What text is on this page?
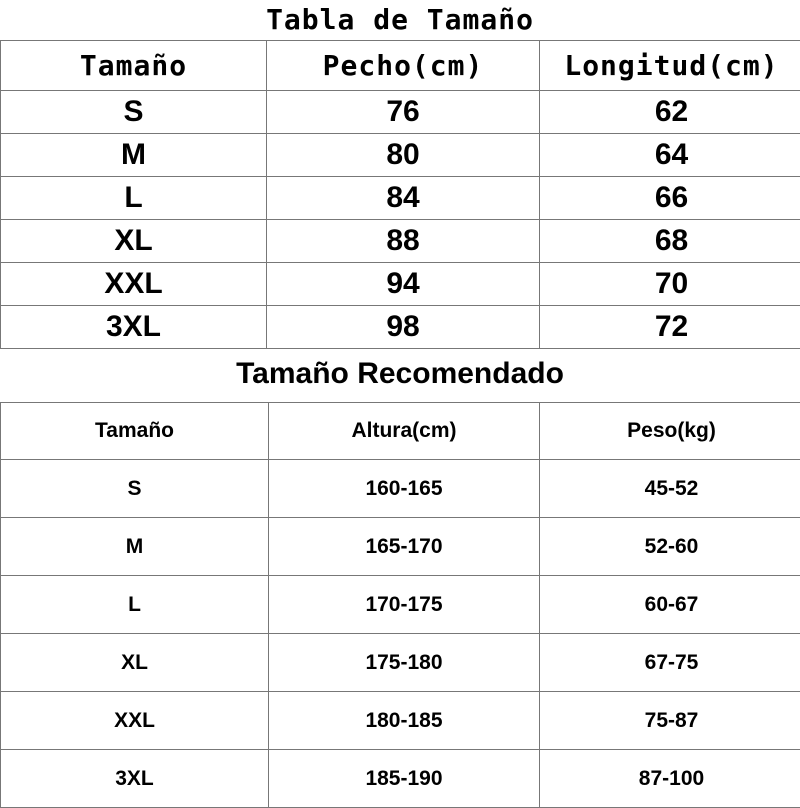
Tabla de Tamaño
Tamaño	Pecho(cm)	Longitud(cm)
S	76	62
M	80	64
L	84	66
XL	88	68
XXL	94	70
3XL	98	72
Tamaño Recomendado
Tamaño	Altura(cm)	Peso(kg)
S	160-165	45-52
M	165-170	52-60
L	170-175	60-67
XL	175-180	67-75
XXL	180-185	75-87
3XL	185-190	87-100
